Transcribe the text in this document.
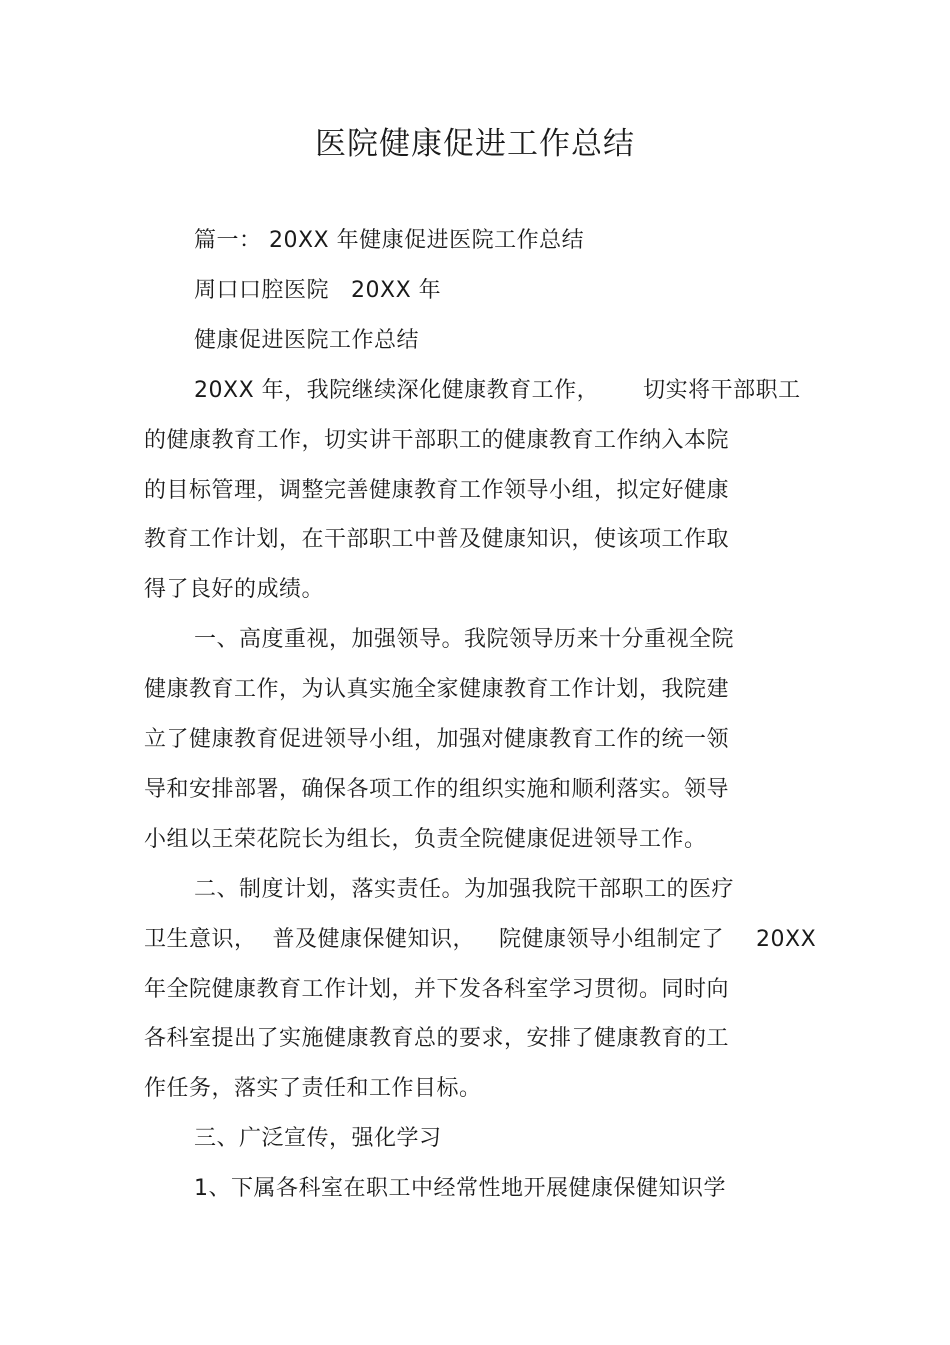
医院健康促进工作总结

篇一： 20XX 年健康促进医院工作总结

周口口腔医院 20XX 年

健康促进医院工作总结

20XX 年，我院继续深化健康教育工作， 切实将干部职工

的健康教育工作，切实讲干部职工的健康教育工作纳入本院

的目标管理，调整完善健康教育工作领导小组，拟定好健康

教育工作计划，在干部职工中普及健康知识，使该项工作取

得了良好的成绩。

一、高度重视，加强领导。我院领导历来十分重视全院

健康教育工作，为认真实施全家健康教育工作计划，我院建

立了健康教育促进领导小组，加强对健康教育工作的统一领

导和安排部署，确保各项工作的组织实施和顺利落实。领导

小组以王荣花院长为组长，负责全院健康促进领导工作。

二、制度计划，落实责任。为加强我院干部职工的医疗

卫生意识， 普及健康保健知识， 院健康领导小组制定了 20XX

年全院健康教育工作计划，并下发各科室学习贯彻。同时向

各科室提出了实施健康教育总的要求，安排了健康教育的工

作任务，落实了责任和工作目标。

三、广泛宣传，强化学习

1、下属各科室在职工中经常性地开展健康保健知识学
